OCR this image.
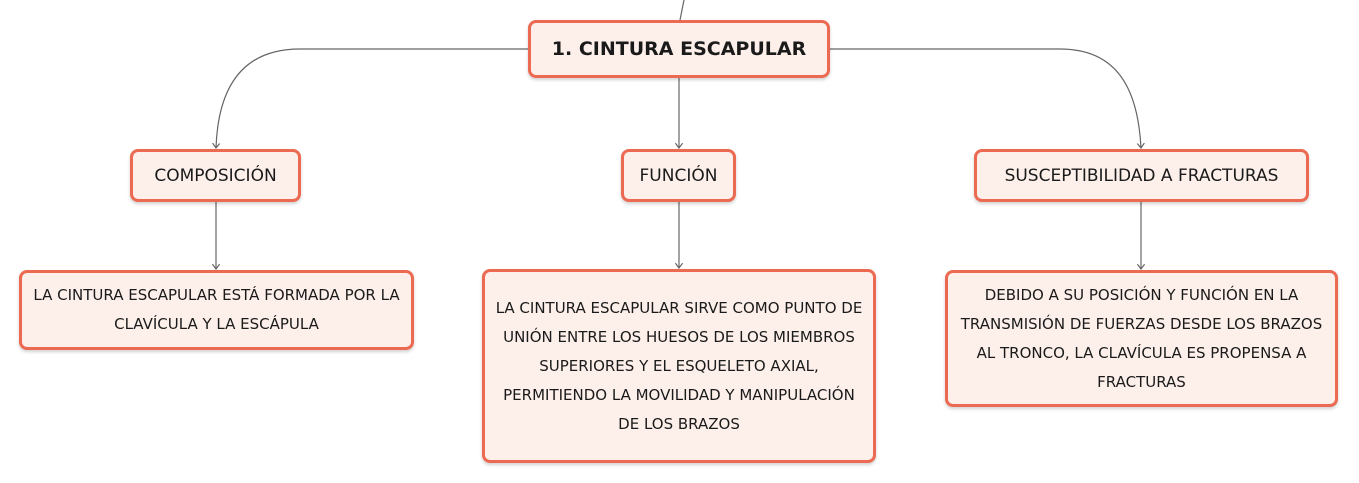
1. CINTURA ESCAPULAR
COMPOSICIÓN	FUNCIÓN	SUSCEPTIBILIDAD A FRACTURAS
LA CINTURA ESCAPULAR ESTÁ FORMADA POR LA CLAVÍCULA Y LA ESCÁPULA
LA CINTURA ESCAPULAR SIRVE COMO PUNTO DE UNIÓN ENTRE LOS HUESOS DE LOS MIEMBROS SUPERIORES Y EL ESQUELETO AXIAL, PERMITIENDO LA MOVILIDAD Y MANIPULACIÓN DE LOS BRAZOS
DEBIDO A SU POSICIÓN Y FUNCIÓN EN LA TRANSMISIÓN DE FUERZAS DESDE LOS BRAZOS AL TRONCO, LA CLAVÍCULA ES PROPENSA A FRACTURAS
